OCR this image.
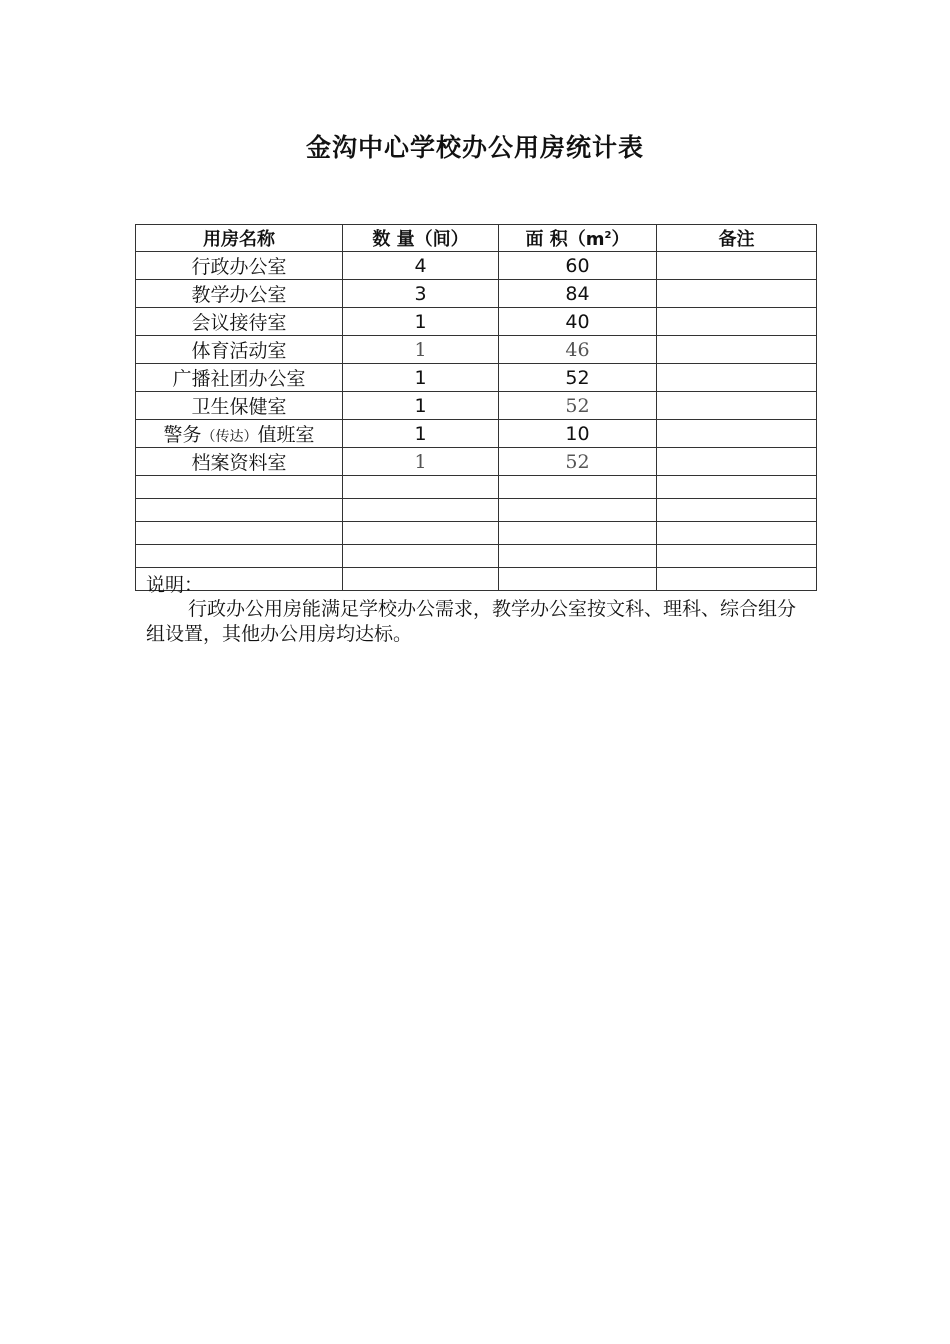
金沟中心学校办公用房统计表
用房名称	数 量（间）	面 积$(m^2)$	备注
行政办公室	4	60	
教学办公室	3	84	
会议接待室	1	40	
体育活动室	1	46	
广播社团办公室	1	52	
卫生保健室	1	52	
警务（传达）值班室	1	10	
档案资料室	1	52	

说明：

行政办公用房能满足学校办公需求，教学办公室按文科、理科、综合组分组设置，其他办公用房均达标。
